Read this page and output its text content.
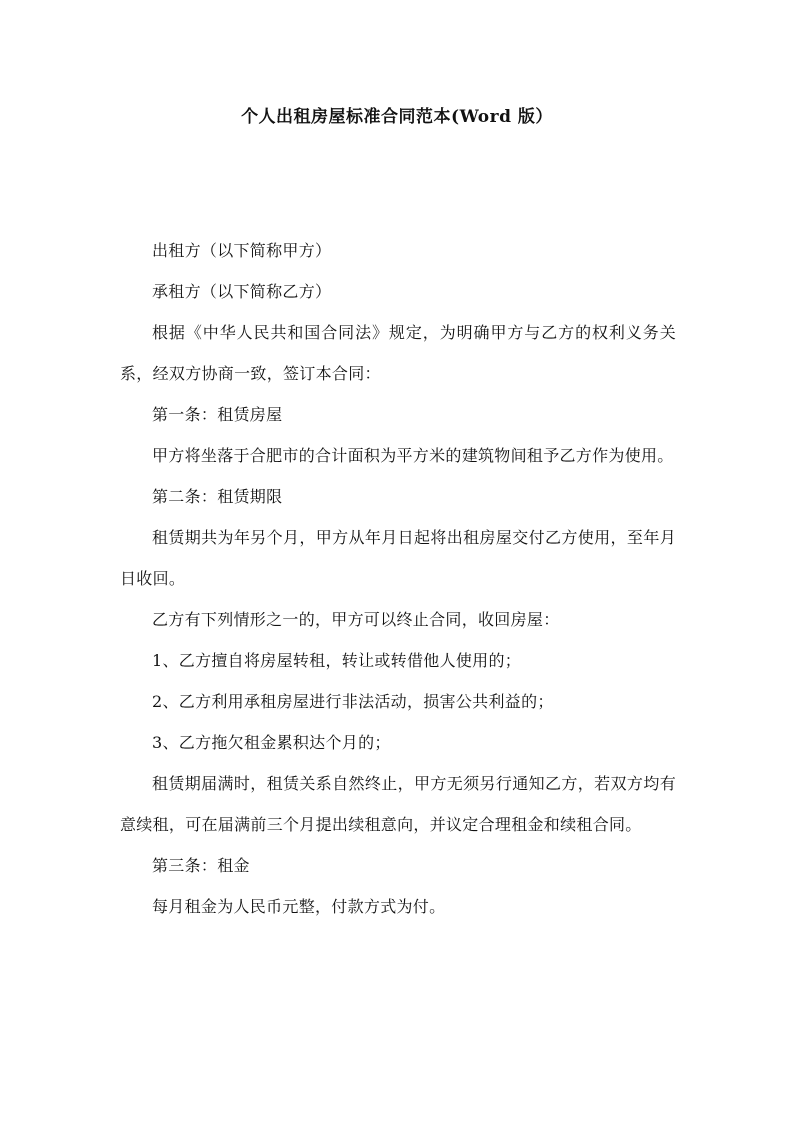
个人出租房屋标准合同范本(Word 版）

出租方（以下简称甲方）

承租方（以下简称乙方）

根据《中华人民共和国合同法》规定，为明确甲方与乙方的权利义务关系，经双方协商一致，签订本合同：

第一条：租赁房屋

甲方将坐落于合肥市的合计面积为平方米的建筑物间租予乙方作为使用。

第二条：租赁期限

租赁期共为年另个月，甲方从年月日起将出租房屋交付乙方使用，至年月日收回。

乙方有下列情形之一的，甲方可以终止合同，收回房屋：

1、乙方擅自将房屋转租，转让或转借他人使用的；

2、乙方利用承租房屋进行非法活动，损害公共利益的；

3、乙方拖欠租金累积达个月的；

租赁期届满时，租赁关系自然终止，甲方无须另行通知乙方，若双方均有意续租，可在届满前三个月提出续租意向，并议定合理租金和续租合同。

第三条：租金

每月租金为人民币元整，付款方式为付。
